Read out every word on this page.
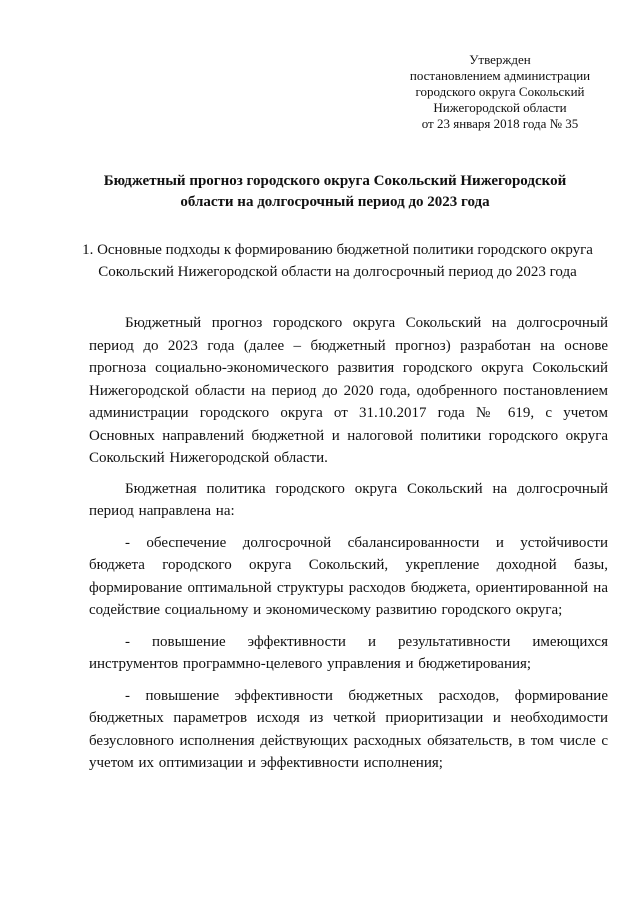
Утвержден
постановлением администрации
городского округа Сокольский
Нижегородской области
от 23 января 2018 года № 35
Бюджетный прогноз городского округа Сокольский Нижегородской
области на долгосрочный период до 2023 года
1. Основные подходы к формированию бюджетной политики городского округа
Сокольский Нижегородской области на долгосрочный период до 2023 года

Бюджетный прогноз городского округа Сокольский на долгосрочный период до 2023 года (далее – бюджетный прогноз) разработан на основе прогноза социально-экономического развития городского округа Сокольский Нижегородской области на период до 2020 года, одобренного постановлением администрации городского округа от 31.10.2017 года № 619, с учетом Основных направлений бюджетной и налоговой политики городского округа Сокольский Нижегородской области.

Бюджетная политика городского округа Сокольский на долгосрочный период направлена на:

- обеспечение долгосрочной сбалансированности и устойчивости бюджета городского округа Сокольский, укрепление доходной базы, формирование оптимальной структуры расходов бюджета, ориентированной на содействие социальному и экономическому развитию городского округа;

- повышение эффективности и результативности имеющихся инструментов программно-целевого управления и бюджетирования;

- повышение эффективности бюджетных расходов, формирование бюджетных параметров исходя из четкой приоритизации и необходимости безусловного исполнения действующих расходных обязательств, в том числе с учетом их оптимизации и эффективности исполнения;
